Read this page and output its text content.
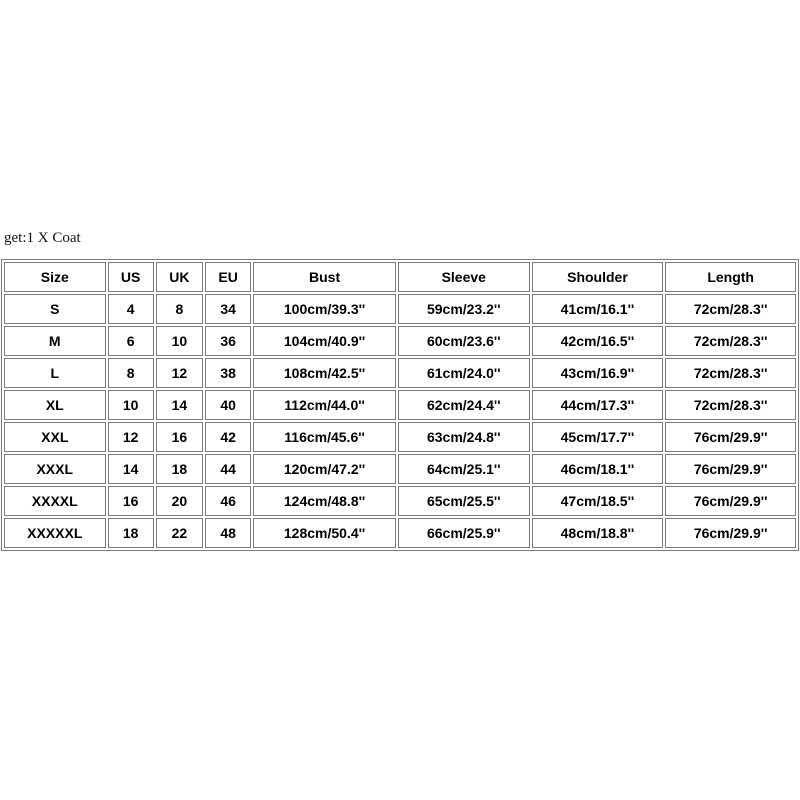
get:1 X Coat
Size	US	UK	EU	Bust	Sleeve	Shoulder	Length
S	4	8	34	100cm/39.3''	59cm/23.2''	41cm/16.1''	72cm/28.3''
M	6	10	36	104cm/40.9''	60cm/23.6''	42cm/16.5''	72cm/28.3''
L	8	12	38	108cm/42.5''	61cm/24.0''	43cm/16.9''	72cm/28.3''
XL	10	14	40	112cm/44.0''	62cm/24.4''	44cm/17.3''	72cm/28.3''
XXL	12	16	42	116cm/45.6''	63cm/24.8''	45cm/17.7''	76cm/29.9''
XXXL	14	18	44	120cm/47.2''	64cm/25.1''	46cm/18.1''	76cm/29.9''
XXXXL	16	20	46	124cm/48.8''	65cm/25.5''	47cm/18.5''	76cm/29.9''
XXXXXL	18	22	48	128cm/50.4''	66cm/25.9''	48cm/18.8''	76cm/29.9''
